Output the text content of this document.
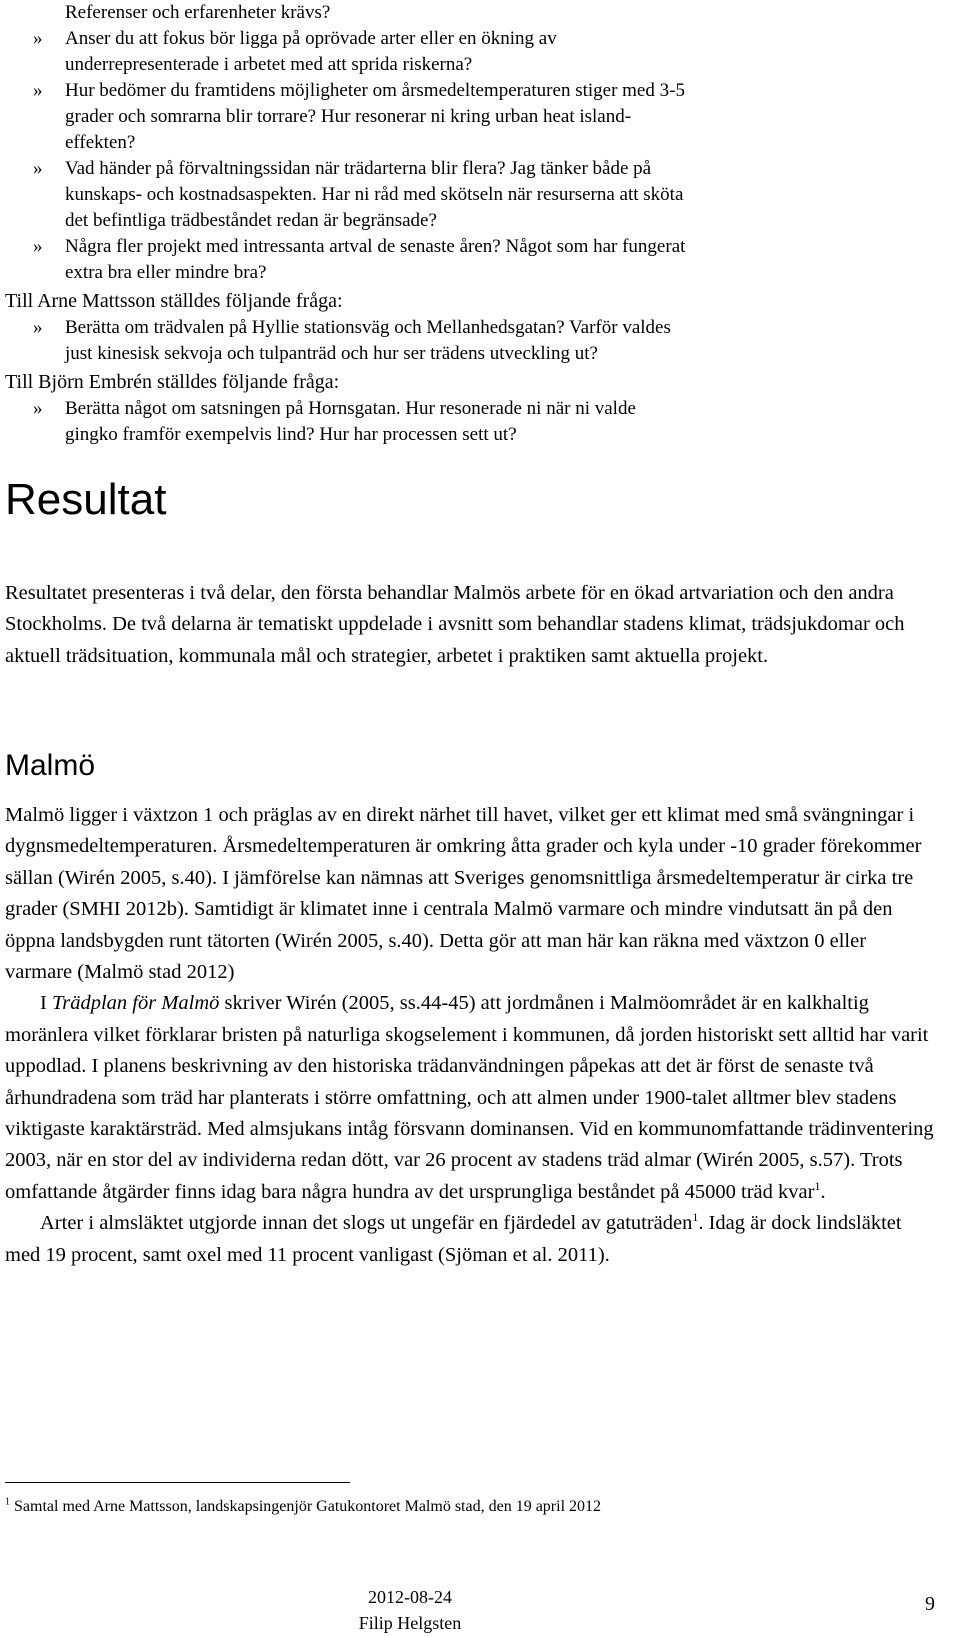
Referenser och erfarenheter krävs?
» Anser du att fokus bör ligga på oprövade arter eller en ökning av
underrepresenterade i arbetet med att sprida riskerna?
» Hur bedömer du framtidens möjligheter om årsmedeltemperaturen stiger med 3-5
grader och somrarna blir torrare? Hur resonerar ni kring urban heat island-
effekten?
» Vad händer på förvaltningssidan när trädarterna blir flera? Jag tänker både på
kunskaps- och kostnadsaspekten. Har ni råd med skötseln när resurserna att sköta
det befintliga trädbeståndet redan är begränsade?
» Några fler projekt med intressanta artval de senaste åren? Något som har fungerat
extra bra eller mindre bra?
Till Arne Mattsson ställdes följande fråga:
» Berätta om trädvalen på Hyllie stationsväg och Mellanhedsgatan? Varför valdes
just kinesisk sekvoja och tulpanträd och hur ser trädens utveckling ut?
Till Björn Embrén ställdes följande fråga:
» Berätta något om satsningen på Hornsgatan. Hur resonerade ni när ni valde
gingko framför exempelvis lind? Hur har processen sett ut?
Resultat

Resultatet presenteras i två delar, den första behandlar Malmös arbete för en ökad artvariation och den andra Stockholms. De två delarna är tematiskt uppdelade i avsnitt som behandlar stadens klimat, trädsjukdomar och aktuell trädsituation, kommunala mål och strategier, arbetet i praktiken samt aktuella projekt.

Malmö

Malmö ligger i växtzon 1 och präglas av en direkt närhet till havet, vilket ger ett klimat med små svängningar i dygnsmedeltemperaturen. Årsmedeltemperaturen är omkring åtta grader och kyla under -10 grader förekommer sällan (Wirén 2005, s.40). I jämförelse kan nämnas att Sveriges genomsnittliga årsmedeltemperatur är cirka tre grader (SMHI 2012b). Samtidigt är klimatet inne i centrala Malmö varmare och mindre vindutsatt än på den öppna landsbygden runt tätorten (Wirén 2005, s.40). Detta gör att man här kan räkna med växtzon 0 eller varmare (Malmö stad 2012)

I Trädplan för Malmö skriver Wirén (2005, ss.44-45) att jordmånen i Malmöområdet är en kalkhaltig moränlera vilket förklarar bristen på naturliga skogselement i kommunen, då jorden historiskt sett alltid har varit uppodlad. I planens beskrivning av den historiska trädanvändningen påpekas att det är först de senaste två århundradena som träd har planterats i större omfattning, och att almen under 1900-talet alltmer blev stadens viktigaste karaktärsträd. Med almsjukans intåg försvann dominansen. Vid en kommunomfattande trädinventering 2003, när en stor del av individerna redan dött, var 26 procent av stadens träd almar (Wirén 2005, s.57). Trots omfattande åtgärder finns idag bara några hundra av det ursprungliga beståndet på 45000 träd kvar$^1$.

Arter i almsläktet utgjorde innan det slogs ut ungefär en fjärdedel av gatuträden$^1$. Idag är dock lindsläktet med 19 procent, samt oxel med 11 procent vanligast (Sjöman et al. 2011).

$^1$ Samtal med Arne Mattsson, landskapsingenjör Gatukontoret Malmö stad, den 19 april 2012
2012-08-24
Filip Helgsten
9
